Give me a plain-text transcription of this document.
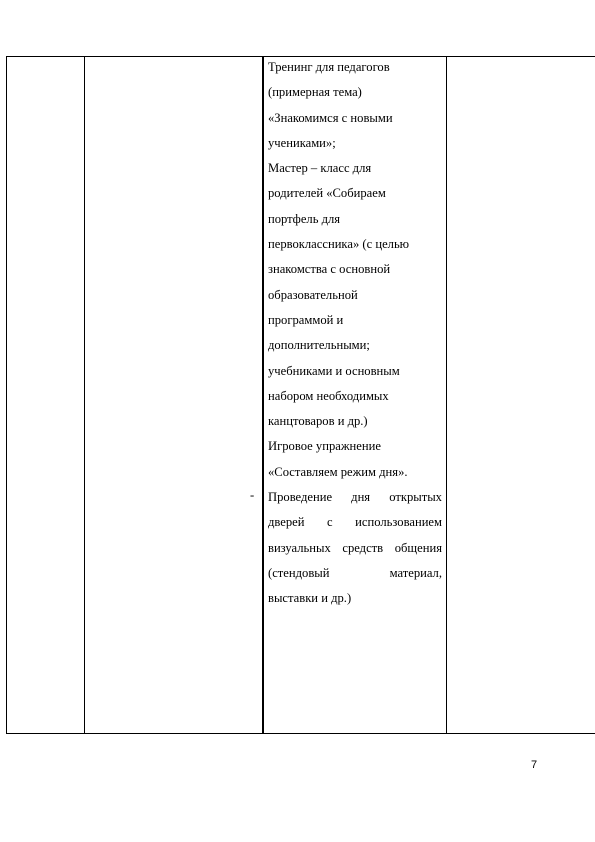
-
Тренинг для педагогов
(примерная тема)
«Знакомимся с новыми
учениками»;
Мастер – класс для
родителей «Собираем
портфель для
первоклассника» (с целью
знакомства с основной
образовательной
программой и
дополнительными;
учебниками и основным
набором необходимых
канцтоваров и др.)
Игровое упражнение
«Составляем режим дня».
Проведение дня открытых
дверей с использованием
визуальных средств общения
(стендовый	материал,
выставки и др.)
7
